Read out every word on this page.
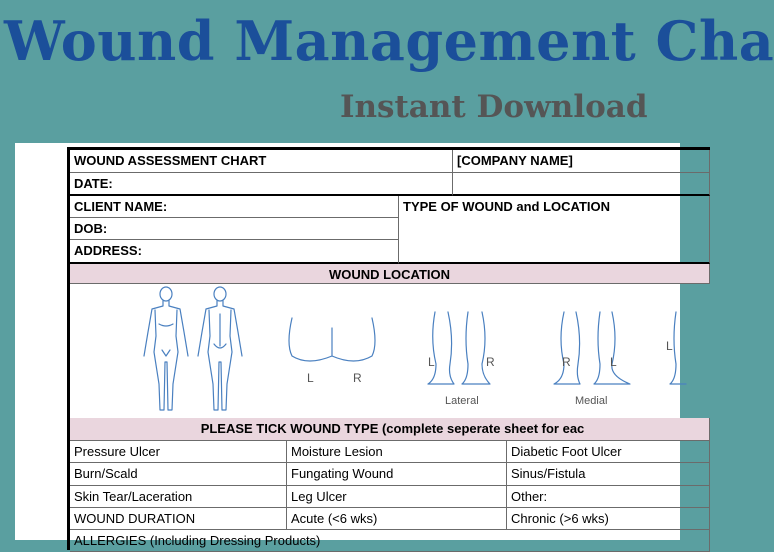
Wound Management Cha
Instant Download
WOUND ASSESSMENT CHART	[COMPANY NAME]
DATE:
CLIENT NAME:
DOB:
ADDRESS:
TYPE OF WOUND and LOCATION
WOUND LOCATION
L	R
L	R	R	L
L
Lateral	Medial
PLEASE TICK WOUND TYPE (complete seperate sheet for eac
Pressure Ulcer	Moisture Lesion	Diabetic Foot Ulcer
Burn/Scald	Fungating Wound	Sinus/Fistula
Skin Tear/Laceration	Leg Ulcer	Other:
WOUND DURATION	Acute (<6 wks)	Chronic (>6 wks)
ALLERGIES (Including Dressing Products)
